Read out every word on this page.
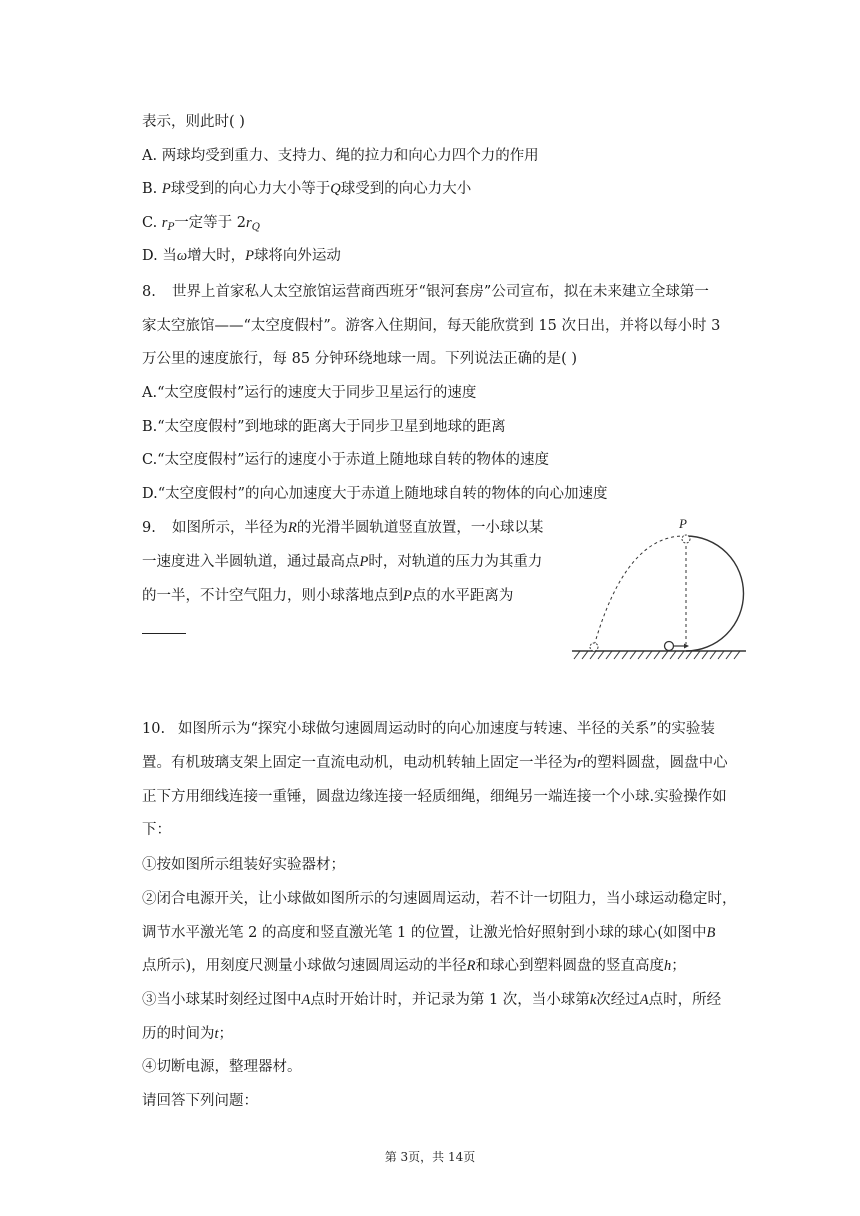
表示，则此时( )
A. 两球均受到重力、支持力、绳的拉力和向心力四个力的作用
B. P球受到的向心力大小等于Q球受到的向心力大小
C. $r_P$一定等于 $2r_Q$
D. 当ω增大时，P球将向外运动
8. 世界上首家私人太空旅馆运营商西班牙“银河套房”公司宣布，拟在未来建立全球第一
家太空旅馆——“太空度假村”。游客入住期间，每天能欣赏到 15 次日出，并将以每小时 3
万公里的速度旅行，每 85 分钟环绕地球一周。下列说法正确的是( )
A.“太空度假村”运行的速度大于同步卫星运行的速度
B.“太空度假村”到地球的距离大于同步卫星到地球的距离
C.“太空度假村”运行的速度小于赤道上随地球自转的物体的速度
D.“太空度假村”的向心加速度大于赤道上随地球自转的物体的向心加速度
9. 如图所示，半径为R的光滑半圆轨道竖直放置，一小球以某
一速度进入半圆轨道，通过最高点P时，对轨道的压力为其重力
的一半，不计空气阻力，则小球落地点到P点的水平距离为
P
10. 如图所示为“探究小球做匀速圆周运动时的向心加速度与转速、半径的关系”的实验装
置。有机玻璃支架上固定一直流电动机，电动机转轴上固定一半径为r的塑料圆盘，圆盘中心
正下方用细线连接一重锤，圆盘边缘连接一轻质细绳，细绳另一端连接一个小球.实验操作如
下：
①按如图所示组装好实验器材；
②闭合电源开关，让小球做如图所示的匀速圆周运动，若不计一切阻力，当小球运动稳定时，
调节水平激光笔 2 的高度和竖直激光笔 1 的位置，让激光恰好照射到小球的球心(如图中B
点所示)，用刻度尺测量小球做匀速圆周运动的半径R和球心到塑料圆盘的竖直高度h；
③当小球某时刻经过图中A点时开始计时，并记录为第 1 次，当小球第k次经过A点时，所经
历的时间为t；
④切断电源，整理器材。
请回答下列问题：
第 3页，共 14页
